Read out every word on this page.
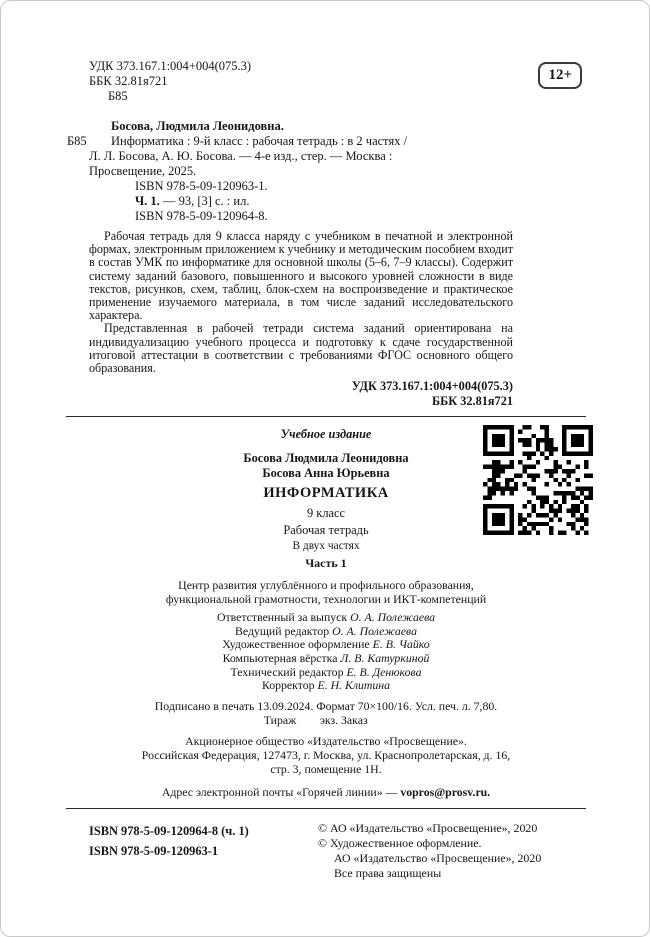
УДК 373.167.1:004+004(075.3)
ББК 32.81я721
Б85
12+
Босова, Людмила Леонидовна.
Б85	Информатика : 9-й класс : рабочая тетрадь : в 2 частях /
Л. Л. Босова, А. Ю. Босова. — 4-е изд., стер. — Москва :
Просвещение, 2025.
ISBN 978-5-09-120963-1.
Ч. 1. — 93, [3] с. : ил.
ISBN 978-5-09-120964-8.

Рабочая тетрадь для 9 класса наряду с учебником в печатной и электронной формах, электронным приложением к учебнику и методическим пособием входит в состав УМК по информатике для основной школы (5–6, 7–9 классы). Содержит систему заданий базового, повышенного и высокого уровней сложности в виде текстов, рисунков, схем, таблиц, блок-схем на воспроизведение и практическое применение изучаемого материала, в том числе заданий исследовательского характера.

Представленная в рабочей тетради система заданий ориентирована на индивидуализацию учебного процесса и подготовку к сдаче государственной итоговой аттестации в соответствии с требованиями ФГОС основного общего образования.

УДК 373.167.1:004+004(075.3)
ББК 32.81я721
Учебное издание
Босова Людмила Леонидовна
Босова Анна Юрьевна
ИНФОРМАТИКА
9 класс
Рабочая тетрадь
В двух частях
Часть 1
Центр развития углублённого и профильного образования,
функциональной грамотности, технологии и ИКТ-компетенций
Ответственный за выпуск О. А. Полежаева
Ведущий редактор О. А. Полежаева
Художественное оформление Е. В. Чайко
Компьютерная вёрстка Л. В. Катуркиной
Технический редактор Е. В. Денюкова
Корректор Е. Н. Клитина
Подписано в печать 13.09.2024. Формат 70×100/16. Усл. печ. л. 7,80.
Тираж        экз. Заказ
Акционерное общество «Издательство «Просвещение».
Российская Федерация, 127473, г. Москва, ул. Краснопролетарская, д. 16,
стр. 3, помещение 1Н.
Адрес электронной почты «Горячей линии» — vopros@prosv.ru.
ISBN 978-5-09-120964-8 (ч. 1)
ISBN 978-5-09-120963-1
© АО «Издательство «Просвещение», 2020
© Художественное оформление.
АО «Издательство «Просвещение», 2020
Все права защищены
